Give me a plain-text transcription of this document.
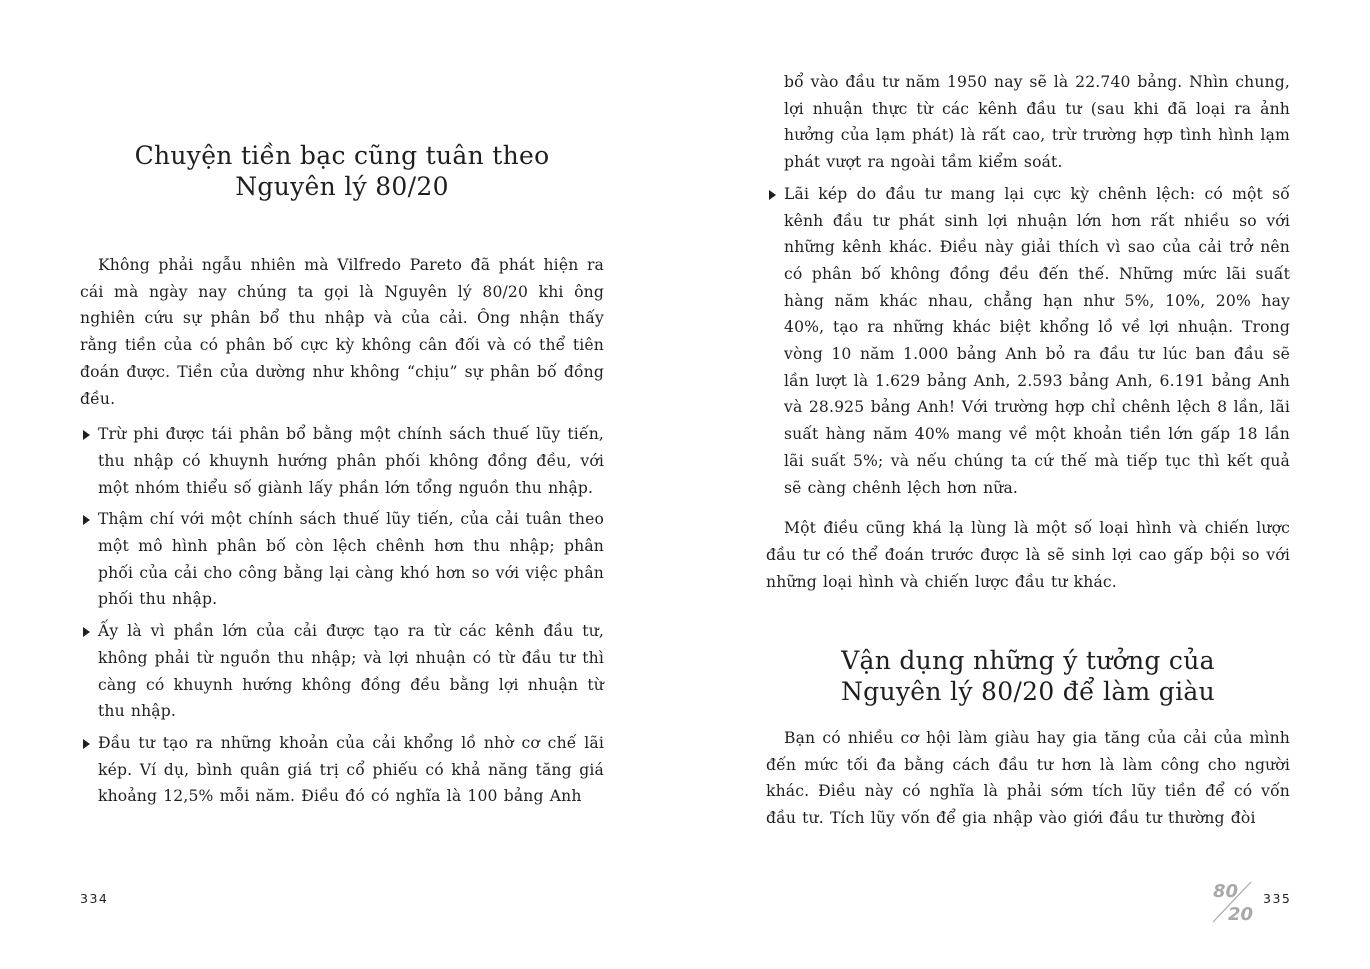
Chuyện tiền bạc cũng tuân theo
Nguyên lý 80/20

Không phải ngẫu nhiên mà Vilfredo Pareto đã phát hiện ra cái mà ngày nay chúng ta gọi là Nguyên lý 80/20 khi ông nghiên cứu sự phân bổ thu nhập và của cải. Ông nhận thấy rằng tiền của có phân bố cực kỳ không cân đối và có thể tiên đoán được. Tiền của dường như không “chịu” sự phân bố đồng đều.

Trừ phi được tái phân bổ bằng một chính sách thuế lũy tiến, thu nhập có khuynh hướng phân phối không đồng đều, với một nhóm thiểu số giành lấy phần lớn tổng nguồn thu nhập.
Thậm chí với một chính sách thuế lũy tiến, của cải tuân theo một mô hình phân bố còn lệch chênh hơn thu nhập; phân phối của cải cho công bằng lại càng khó hơn so với việc phân phối thu nhập.
Ấy là vì phần lớn của cải được tạo ra từ các kênh đầu tư, không phải từ nguồn thu nhập; và lợi nhuận có từ đầu tư thì càng có khuynh hướng không đồng đều bằng lợi nhuận từ thu nhập.
Đầu tư tạo ra những khoản của cải khổng lồ nhờ cơ chế lãi kép. Ví dụ, bình quân giá trị cổ phiếu có khả năng tăng giá khoảng 12,5% mỗi năm. Điều đó có nghĩa là 100 bảng Anh
334

bổ vào đầu tư năm 1950 nay sẽ là 22.740 bảng. Nhìn chung, lợi nhuận thực từ các kênh đầu tư (sau khi đã loại ra ảnh hưởng của lạm phát) là rất cao, trừ trường hợp tình hình lạm phát vượt ra ngoài tầm kiểm soát.

Lãi kép do đầu tư mang lại cực kỳ chênh lệch: có một số kênh đầu tư phát sinh lợi nhuận lớn hơn rất nhiều so với những kênh khác. Điều này giải thích vì sao của cải trở nên có phân bố không đồng đều đến thế. Những mức lãi suất hàng năm khác nhau, chẳng hạn như 5%, 10%, 20% hay 40%, tạo ra những khác biệt khổng lồ về lợi nhuận. Trong vòng 10 năm 1.000 bảng Anh bỏ ra đầu tư lúc ban đầu sẽ lần lượt là 1.629 bảng Anh, 2.593 bảng Anh, 6.191 bảng Anh và 28.925 bảng Anh! Với trường hợp chỉ chênh lệch 8 lần, lãi suất hàng năm 40% mang về một khoản tiền lớn gấp 18 lần lãi suất 5%; và nếu chúng ta cứ thế mà tiếp tục thì kết quả sẽ càng chênh lệch hơn nữa.

Một điều cũng khá lạ lùng là một số loại hình và chiến lược đầu tư có thể đoán trước được là sẽ sinh lợi cao gấp bội so với những loại hình và chiến lược đầu tư khác.

Vận dụng những ý tưởng của
Nguyên lý 80/20 để làm giàu

Bạn có nhiều cơ hội làm giàu hay gia tăng của cải của mình đến mức tối đa bằng cách đầu tư hơn là làm công cho người khác. Điều này có nghĩa là phải sớm tích lũy tiền để có vốn đầu tư. Tích lũy vốn để gia nhập vào giới đầu tư thường đòi

80
20
335
